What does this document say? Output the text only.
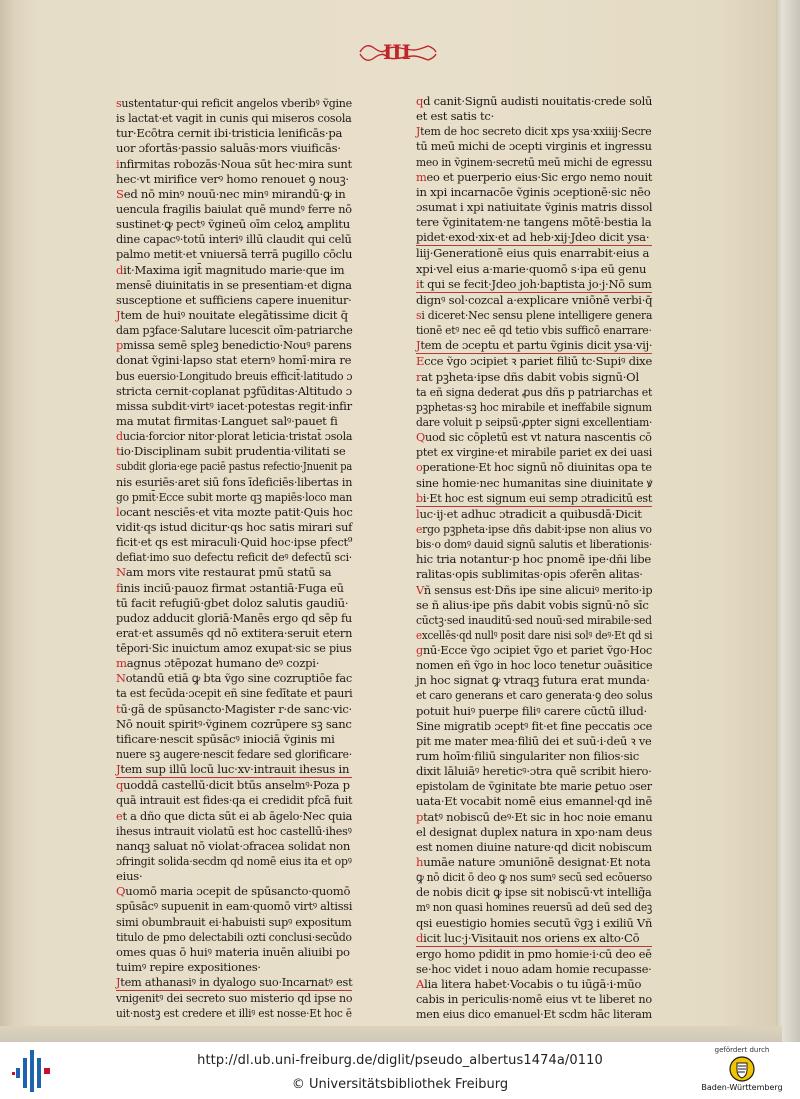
III
sustentatur·qui reficit angelos vberibꝰ ṽgine
is lactat·et vagit in cunis qui miseros cosola
tur·Ecōtra cernit ibi·tristicia lenificās·pa
uor ɔfortās·passio saluās·mors viuificās·
infirmitas robozās·Noua sūt hec·mira sunt
hec·vt mirifice verꝰ homo renouet ꝯ nouꝫ·
Sed nō minꝰ nouū·nec minꝰ mirandū·ꝙ in
uencula fragilis baiulat quē mundꝰ ferre nō
sustinet·ꝙ pectꝰ ṽgineū oīm celoꝝ amplitu
dine capacꝰ·totū interiꝰ illū claudit qui celū
palmo metit·et vniuersā terrā pugillo cōclu
dit·Maxima igit̄ magnitudo marie·que im
mensē diuinitatis in se presentiam·et digna
susceptione et sufficiens capere inuenitur·
Jtem de huiꝰ nouitate elegātissime dicit q̄
dam pꝫface·Salutare lucescit oīm·patriarche
pmissa semē spleꝫ benedictio·Nouꝰ parens
donat ṽgini·lapso stat eternꝰ homī·mira re
bus euersio·Longitudo breuis efficit̄·latitudo ɔ
stricta cernit·coplanat pꝫfūditas·Altitudo ɔ
missa subdit·virtꝰ iacet·potestas regit·infir
ma mutat firmitas·Languet salꝰ·pauet fi
ducia·forcior nitor·plorat leticia·tristat̄ ɔsola
tio·Disciplinam subit prudentia·vilitati se
subdit gloria·ege paciē pastus refectio·Jnuenit pa
nis esuriēs·aret siū fons īdeficiēs·libertas in
go pmit̄·Ecce subit morte qꝫ mapiēs·loco man
locant nesciēs·et vita mozte patit·Quis hoc
vidit·qs istud dicitur·qs hoc satis mirari suf
ficit·et qs est miraculi·Quid hoc·ipse pfect⁹
defiat·imo suo defectu reficit deꝰ defectū sci·
Nam mors vite restaurat pmū statū sa
finis inciū·pauoz firmat ɔstantiā·Fuga eū
tū facit refugiū·gbet doloz salutis gaudiū·
pudoz adducit gloriā·Manēs ergo qd sēp fu
erat·et assumēs qd nō extitera·seruit etern
tēpori·Sic inuictum amoz exupat·sic se pius
magnus ɔtēpozat humano deꝰ cozpi·
Notandū etiā ꝙ bta ṽgo sine cozruptiōe fac
ta est fecūda·ɔcepit eñ sine fedītate et pauri
tū·gã de spūsancto·Magister r·de sanc·vic·
Nō nouit spiritꝰ·ṽginem cozrūpere sꝫ sanc
tificare·nescit spūsācꝰ iniociā ṽginis mi
nuere sꝫ augere·nescit fedare sed glorificare·
Jtem sup illū locū luc·xv·intrauit ihesus in
quoddā castellū·dicit btūs anselmꝰ·Poza p
quā intrauit est fides·qa ei credidit pfcā fuit
et a dño que dicta sūt ei ab āgelo·Nec quia
ihesus intrauit violatū est hoc castellū·ihesꝰ
nanqꝫ saluat nō violat·ɔfracea solidat non
ɔfringit solida·secdm qd nomē eius ita et opꝰ
eius·
Quomō maria ɔcepit de spūsancto·quomō
spūsācꝰ supuenit in eam·quomō virtꝰ altissi
simi obumbrauit ei·habuisti supꝰ expositum
titulo de pmo delectabili ozti conclusi·secūdo
omes quas ō huiꝰ materia inuēn aliuibi po
tuimꝰ repire expositiones·
Jtem athanasiꝰ in dyalogo suo·Incarnatꝰ est
vnigenitꝰ dei secreto suo misterio qd ipse no
uit·nostꝫ est credere et illiꝰ est nosse·Et hoc ē
qd canit·Signū audisti nouitatis·crede solū
et est satis tc·
Jtem de hoc secreto dicit xps ysa·xxiiij·Secre
tū meū michi de ɔcepti virginis et ingressu
meo in ṽginem·secretū meū michi de egressu
meo et puerperio eius·Sic ergo nemo nouit
in xpi incarnacōe ṽginis ɔceptionē·sic nēo
ɔsumat i xpi natiuitate ṽginis matris dissol
tere ṽginitatem·ne tangens mōtē·bestia la
pidet·exod·xix·et ad heb·xij·Jdeo dicit ysa·
liij·Generationē eius quis enarrabit·eius a
xpi·vel eius a·marie·quomō s·ipa eū genu
it qui se fecit·Jdeo joh·baptista jo·j·Nō sum
dignꝰ sol·cozcal a·explicare vniōnē verbi·q̄
si diceret·Nec sensu plene intelligere genera
tionē etꝰ nec eē qd tetio vbis sufficō enarrare·
Jtem de ɔceptu et partu ṽginis dicit ysa·vij·
Ecce ṽgo ɔcipiet ꝛ pariet filiū tc·Supiꝰ dixe
rat pꝫheta·ipse dñs dabit vobis signū·Ol
ta eñ signa dederat ꝓus dñs p patriarchas et
pꝫphetas·sꝫ hoc mirabile et ineffabile signum
dare voluit p seipsū·ꝓpter signi excellentiam·
Quod sic cōpletū est vt natura nascentis cō
ptet ex virgine·et mirabile pariet ex dei uasi
operatione·Et hoc signū nō diuinitas opa te
sine homie·nec humanitas sine diuinitate ꝟ
bi·Et hoc est signum eui semp ɔtradicitū est
luc·ij·et adhuc ɔtradicit a quibusdā·Dicit
ergo pꝫpheta·ipse dñs dabit·ipse non alius vo
bis·o domꝰ dauid signū salutis et liberationis·
hic tria notantur·p hoc pnomē ipe·dñi libe
ralitas·opis sublimitas·opis ɔferēn alitas·
Vñ sensus est·Dñs ipe sine alicuiꝰ merito·ip
se ñ alius·ipe pñs dabit vobis signū·nō sīc
cūctꝫ·sed inauditū·sed nouū·sed mirabile·sed
excellēs·qd nullꝰ posit dare nisi solꝰ deꝰ·Et qd si
gnū·Ecce ṽgo ɔcipiet ṽgo et pariet ṽgo·Hoc
nomen eñ ṽgo in hoc loco tenetur ɔuāsitice
jn hoc signat ꝙ vtraqꝫ futura erat munda·
et caro generans et caro generata·ꝯ deo solus
potuit huiꝰ puerpe filiꝰ carere cūctū illud·
Sine migratib ɔceptꝰ fit·et fine peccatis ɔce
pit me mater mea·filiū dei et suū·i·deū ꝛ ve
rum hoīm·filiū singulariter non filios·sic
dixit lāluiāꝰ hereticꝰ·ɔtra quē scribit hiero·
epistolam de ṽginitate bte marie ꝑetuo ɔser
uata·Et vocabit nomē eius emannel·qd inē
ptatꝰ nobiscū deꝰ·Et sic in hoc noie emanu
el designat duplex natura in xpo·nam deus
est nomen diuine nature·qd dicit nobiscum
humāe nature ɔmuniōnē designat·Et nota
ꝙ nō dicit ō deo ꝙ nos sumꝰ secū sed ecōuerso
de nobis dicit ꝙ ipse sit nobiscū·vt intellig̃a
mꝰ non quasi homines reuersū ad deū sed deꝫ
qsi euestigio homies secutū ṽgꝫ i exiliū Vñ
dicit luc·j·Visitauit nos oriens ex alto·Cō
ergo homo pdidit in pmo homie·i·cū deo eē
se·hoc videt i nouo adam homie recupasse·
Alia litera habet·Vocabis o tu iūgā·i·mūo
cabis in periculis·nomē eius vt te liberet no
men eius dico emanuel·Et scdm hāc literam
http://dl.ub.uni-freiburg.de/diglit/pseudo_albertus1474a/0110
© Universitätsbibliothek Freiburg
gefördert durch
Baden-Württemberg
